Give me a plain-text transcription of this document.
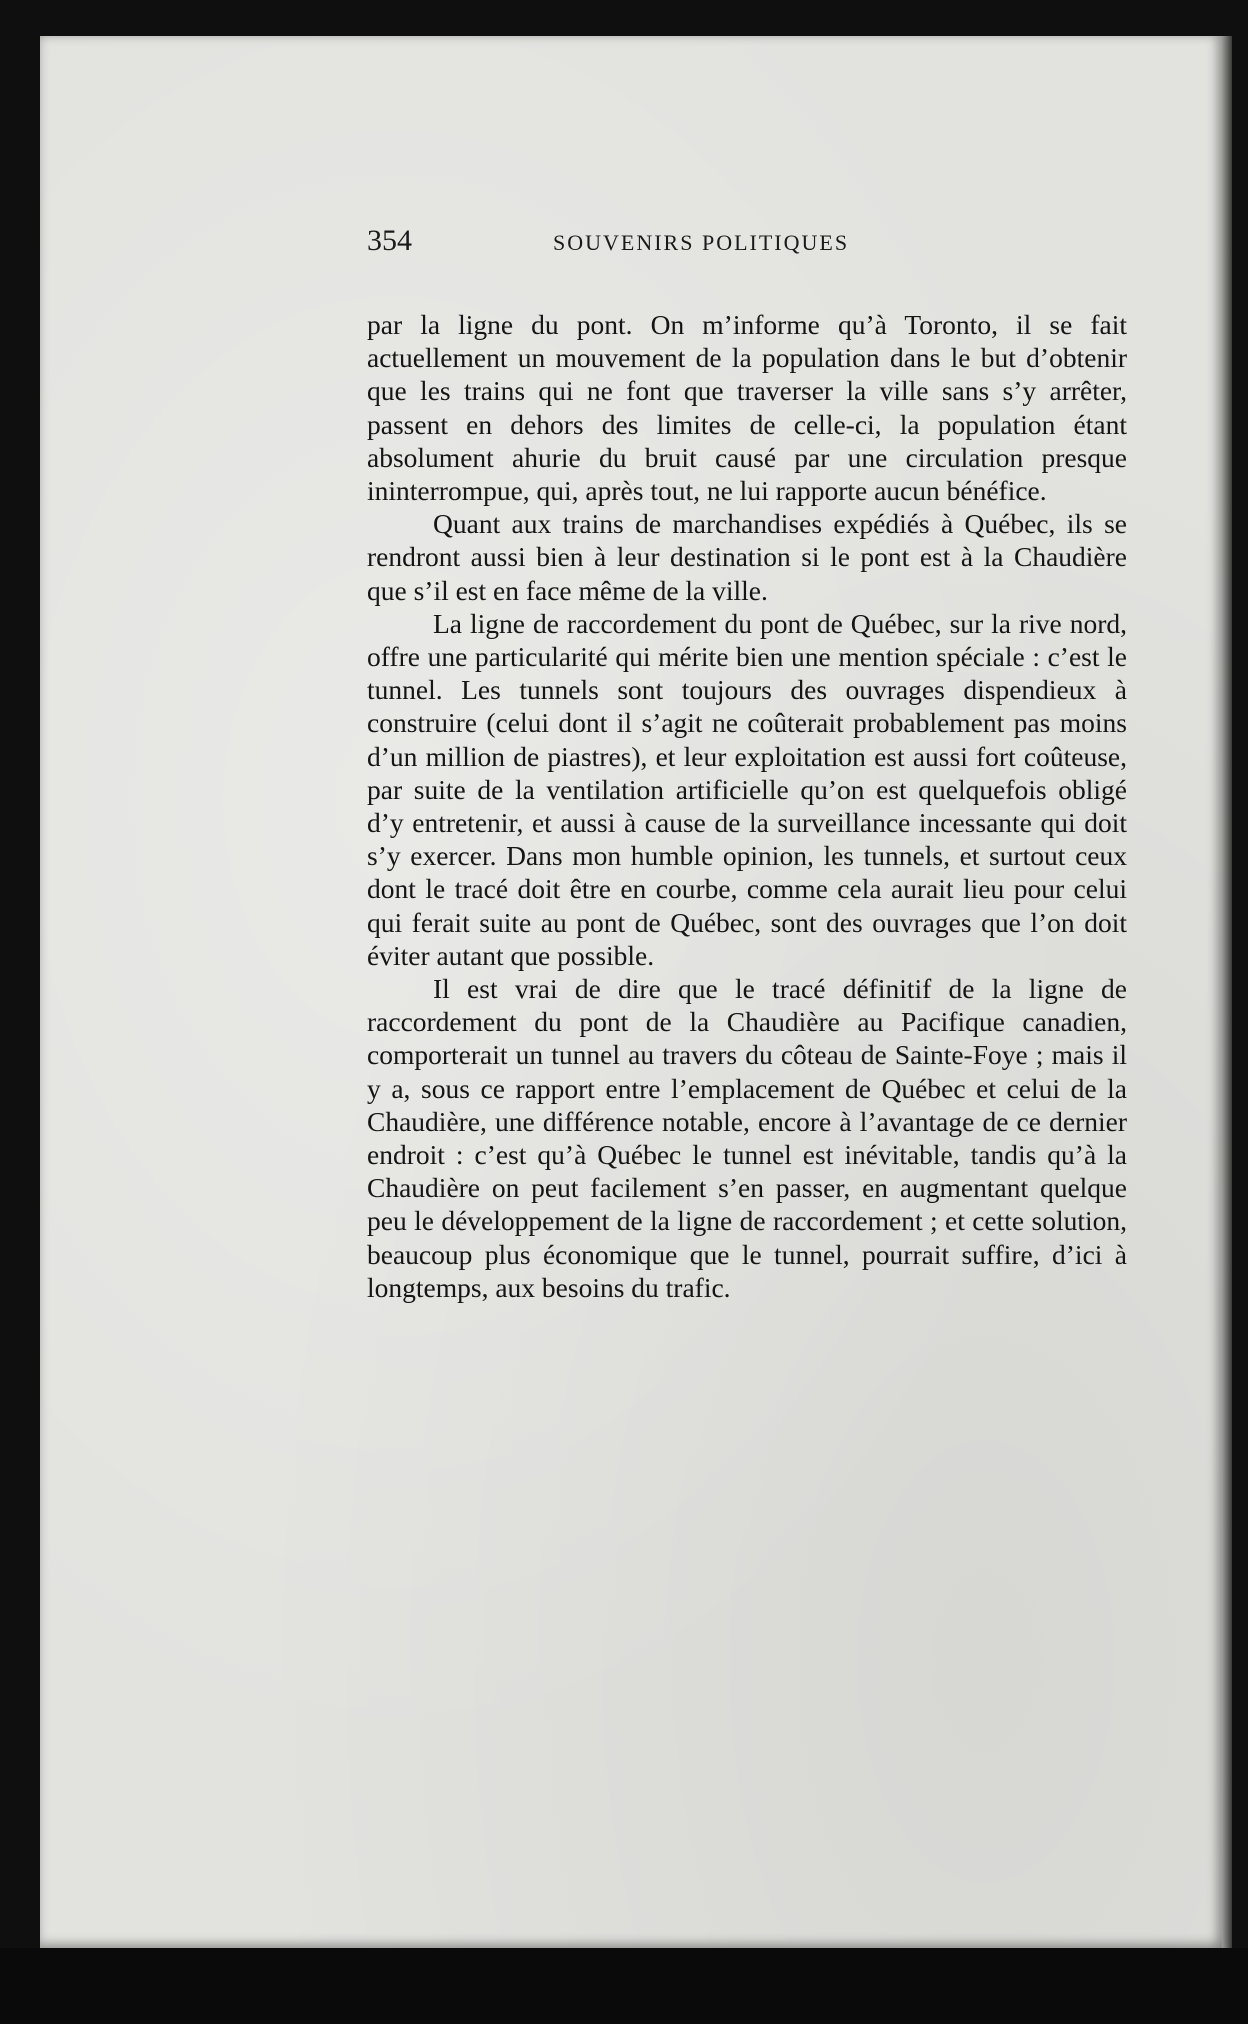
354	SOUVENIRS POLITIQUES

par la ligne du pont. On m’informe qu’à Toronto, il se fait actuellement un mouvement de la population dans le but d’obtenir que les trains qui ne font que traverser la ville sans s’y arrêter, passent en dehors des limites de celle-ci, la population étant absolument ahurie du bruit causé par une circulation presque ininterrompue, qui, après tout, ne lui rapporte aucun bénéfice.

Quant aux trains de marchandises expédiés à Québec, ils se rendront aussi bien à leur destination si le pont est à la Chaudière que s’il est en face même de la ville.

La ligne de raccordement du pont de Québec, sur la rive nord, offre une particularité qui mérite bien une mention spéciale : c’est le tunnel. Les tunnels sont toujours des ouvrages dispendieux à construire (celui dont il s’agit ne coûterait probablement pas moins d’un million de piastres), et leur exploitation est aussi fort coûteuse, par suite de la ventilation artificielle qu’on est quelquefois obligé d’y entretenir, et aussi à cause de la surveillance incessante qui doit s’y exercer. Dans mon humble opinion, les tunnels, et surtout ceux dont le tracé doit être en courbe, comme cela aurait lieu pour celui qui ferait suite au pont de Québec, sont des ouvrages que l’on doit éviter autant que possible.

Il est vrai de dire que le tracé définitif de la ligne de raccordement du pont de la Chaudière au Pacifique canadien, comporterait un tunnel au travers du côteau de Sainte-Foye ; mais il y a, sous ce rapport entre l’emplacement de Québec et celui de la Chaudière, une différence notable, encore à l’avantage de ce dernier endroit : c’est qu’à Québec le tunnel est inévitable, tandis qu’à la Chaudière on peut facilement s’en passer, en augmentant quelque peu le développement de la ligne de raccordement ; et cette solution, beaucoup plus économique que le tunnel, pourrait suffire, d’ici à longtemps, aux besoins du trafic.
